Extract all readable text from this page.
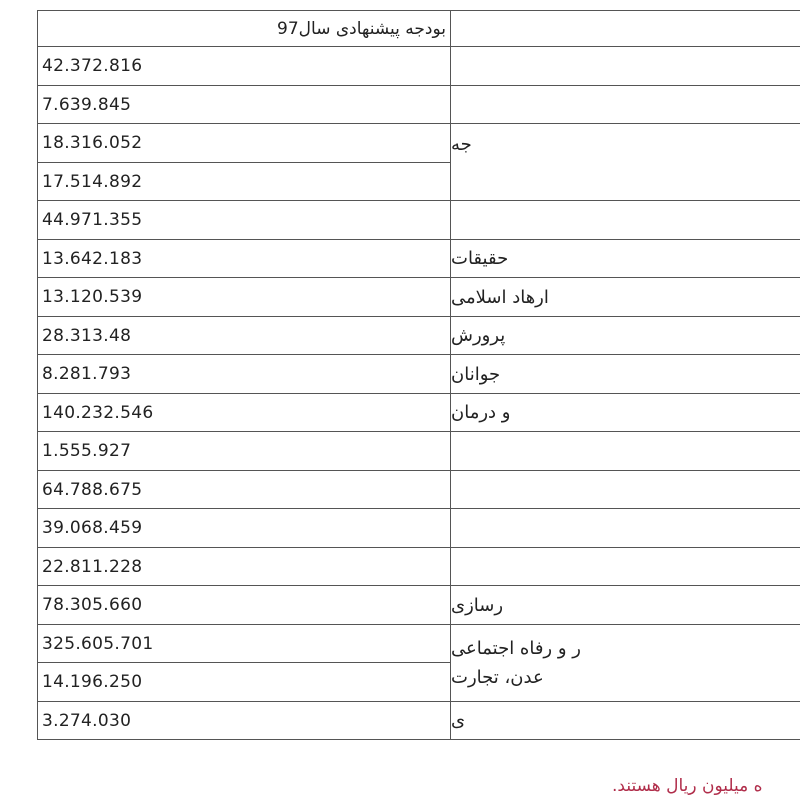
بودجه پیشنهادی سال97	
42.372.816	
7.639.845	
18.316.052	جه
17.514.892	
44.971.355	
13.642.183	حقیقات
13.120.539	ارهاد اسلامی
28.313.48	پرورش
8.281.793	جوانان
140.232.546	و درمان
1.555.927	
64.788.675	
39.068.459	
22.811.228	
78.305.660	رسازی
325.605.701	ر و رفاه اجتماعی
عدن، تجارت

14.196.250	
3.274.030	ی
ه میلیون ریال هستند.
